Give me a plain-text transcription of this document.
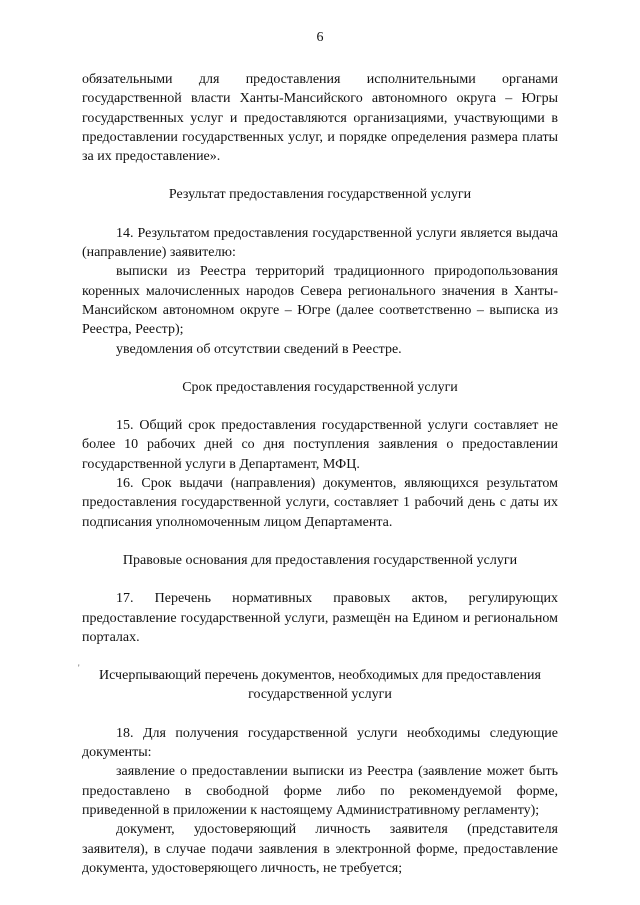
6

обязательными для предоставления исполнительными органами государственной власти Ханты-Мансийского автономного округа – Югры государственных услуг и предоставляются организациями, участвующими в предоставлении государственных услуг, и порядке определения размера платы за их предоставление».

Результат предоставления государственной услуги

14. Результатом предоставления государственной услуги является выдача (направление) заявителю:

выписки из Реестра территорий традиционного природопользования коренных малочисленных народов Севера регионального значения в Ханты-Мансийском автономном округе – Югре (далее соответственно – выписка из Реестра, Реестр);

уведомления об отсутствии сведений в Реестре.

Срок предоставления государственной услуги

15. Общий срок предоставления государственной услуги составляет не более 10 рабочих дней со дня поступления заявления о предоставлении государственной услуги в Департамент, МФЦ.

16. Срок выдачи (направления) документов, являющихся результатом предоставления государственной услуги, составляет 1 рабочий день с даты их подписания уполномоченным лицом Департамента.

Правовые основания для предоставления государственной услуги

17. Перечень нормативных правовых актов, регулирующих предоставление государственной услуги, размещён на Едином и региональном порталах.

Исчерпывающий перечень документов, необходимых для предоставления

государственной услуги

18. Для получения государственной услуги необходимы следующие документы:

заявление о предоставлении выписки из Реестра (заявление может быть предоставлено в свободной форме либо по рекомендуемой форме, приведенной в приложении к настоящему Административному регламенту);

документ, удостоверяющий личность заявителя (представителя заявителя), в случае подачи заявления в электронной форме, предоставление документа, удостоверяющего личность, не требуется;

'
